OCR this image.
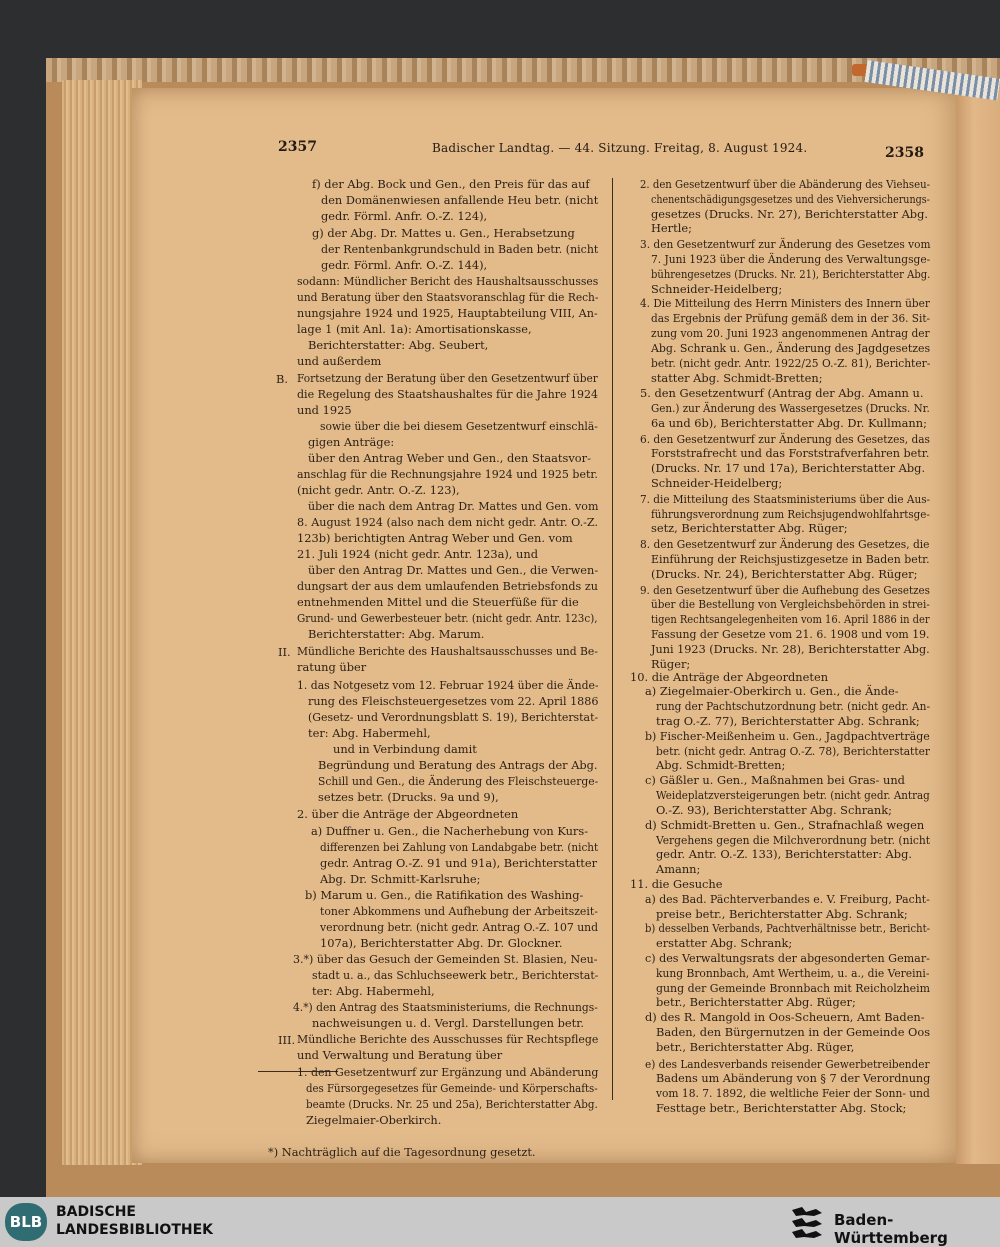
2357	Badischer Landtag. — 44. Sitzung. Freitag, 8. August 1924.	2358
f) der Abg. Bock und Gen., den Preis für das auf
den Domänenwiesen anfallende Heu betr. (nicht
gedr. Förml. Anfr. O.-Z. 124),
g) der Abg. Dr. Mattes u. Gen., Herabsetzung
der Rentenbankgrundschuld in Baden betr. (nicht
gedr. Förml. Anfr. O.-Z. 144),
sodann: Mündlicher Bericht des Haushaltsausschusses
und Beratung über den Staatsvoranschlag für die Rech-
nungsjahre 1924 und 1925, Hauptabteilung VIII, An-
lage 1 (mit Anl. 1a): Amortisationskasse,
Berichterstatter: Abg. Seubert,
und außerdem
B. Fortsetzung der Beratung über den Gesetzentwurf über
die Regelung des Staatshaushaltes für die Jahre 1924
und 1925
sowie über die bei diesem Gesetzentwurf einschlä-
gigen Anträge:
über den Antrag Weber und Gen., den Staatsvor-
anschlag für die Rechnungsjahre 1924 und 1925 betr.
(nicht gedr. Antr. O.-Z. 123),
über die nach dem Antrag Dr. Mattes und Gen. vom
8. August 1924 (also nach dem nicht gedr. Antr. O.-Z.
123b) berichtigten Antrag Weber und Gen. vom
21. Juli 1924 (nicht gedr. Antr. 123a), und
über den Antrag Dr. Mattes und Gen., die Verwen-
dungsart der aus dem umlaufenden Betriebsfonds zu
entnehmenden Mittel und die Steuerfüße für die
Grund- und Gewerbesteuer betr. (nicht gedr. Antr. 123c),
Berichterstatter: Abg. Marum.
II. Mündliche Berichte des Haushaltsausschusses und Be-
ratung über
1. das Notgesetz vom 12. Februar 1924 über die Ände-
rung des Fleischsteuergesetzes vom 22. April 1886
(Gesetz- und Verordnungsblatt S. 19), Berichterstat-
ter: Abg. Habermehl,
und in Verbindung damit
Begründung und Beratung des Antrags der Abg.
Schill und Gen., die Änderung des Fleischsteuerge-
setzes betr. (Drucks. 9a und 9),
2. über die Anträge der Abgeordneten
a) Duffner u. Gen., die Nacherhebung von Kurs-
differenzen bei Zahlung von Landabgabe betr. (nicht
gedr. Antrag O.-Z. 91 und 91a), Berichterstatter
Abg. Dr. Schmitt-Karlsruhe;
b) Marum u. Gen., die Ratifikation des Washing-
toner Abkommens und Aufhebung der Arbeitszeit-
verordnung betr. (nicht gedr. Antrag O.-Z. 107 und
107a), Berichterstatter Abg. Dr. Glockner.
3.*) über das Gesuch der Gemeinden St. Blasien, Neu-
stadt u. a., das Schluchseewerk betr., Berichterstat-
ter: Abg. Habermehl,
4.*) den Antrag des Staatsministeriums, die Rechnungs-
nachweisungen u. d. Vergl. Darstellungen betr.
III. Mündliche Berichte des Ausschusses für Rechtspflege
und Verwaltung und Beratung über
1. den Gesetzentwurf zur Ergänzung und Abänderung
des Fürsorgegesetzes für Gemeinde- und Körperschafts-
beamte (Drucks. Nr. 25 und 25a), Berichterstatter Abg.
Ziegelmaier-Oberkirch.
*) Nachträglich auf die Tagesordnung gesetzt.
2. den Gesetzentwurf über die Abänderung des Viehseu-
chenentschädigungsgesetzes und des Viehversicherungs-
gesetzes (Drucks. Nr. 27), Berichterstatter Abg.
Hertle;
3. den Gesetzentwurf zur Änderung des Gesetzes vom
7. Juni 1923 über die Änderung des Verwaltungsge-
bührengesetzes (Drucks. Nr. 21), Berichterstatter Abg.
Schneider-Heidelberg;
4. Die Mitteilung des Herrn Ministers des Innern über
das Ergebnis der Prüfung gemäß dem in der 36. Sit-
zung vom 20. Juni 1923 angenommenen Antrag der
Abg. Schrank u. Gen., Änderung des Jagdgesetzes
betr. (nicht gedr. Antr. 1922/25 O.-Z. 81), Berichter-
statter Abg. Schmidt-Bretten;
5. den Gesetzentwurf (Antrag der Abg. Amann u.
Gen.) zur Änderung des Wassergesetzes (Drucks. Nr.
6a und 6b), Berichterstatter Abg. Dr. Kullmann;
6. den Gesetzentwurf zur Änderung des Gesetzes, das
Forststrafrecht und das Forststrafverfahren betr.
(Drucks. Nr. 17 und 17a), Berichterstatter Abg.
Schneider-Heidelberg;
7. die Mitteilung des Staatsministeriums über die Aus-
führungsverordnung zum Reichsjugendwohlfahrtsge-
setz, Berichterstatter Abg. Rüger;
8. den Gesetzentwurf zur Änderung des Gesetzes, die
Einführung der Reichsjustizgesetze in Baden betr.
(Drucks. Nr. 24), Berichterstatter Abg. Rüger;
9. den Gesetzentwurf über die Aufhebung des Gesetzes
über die Bestellung von Vergleichsbehörden in strei-
tigen Rechtsangelegenheiten vom 16. April 1886 in der
Fassung der Gesetze vom 21. 6. 1908 und vom 19.
Juni 1923 (Drucks. Nr. 28), Berichterstatter Abg.
Rüger;
10. die Anträge der Abgeordneten
a) Ziegelmaier-Oberkirch u. Gen., die Ände-
rung der Pachtschutzordnung betr. (nicht gedr. An-
trag O.-Z. 77), Berichterstatter Abg. Schrank;
b) Fischer-Meißenheim u. Gen., Jagdpachtverträge
betr. (nicht gedr. Antrag O.-Z. 78), Berichterstatter
Abg. Schmidt-Bretten;
c) Gäßler u. Gen., Maßnahmen bei Gras- und
Weideplatzversteigerungen betr. (nicht gedr. Antrag
O.-Z. 93), Berichterstatter Abg. Schrank;
d) Schmidt-Bretten u. Gen., Strafnachlaß wegen
Vergehens gegen die Milchverordnung betr. (nicht
gedr. Antr. O.-Z. 133), Berichterstatter: Abg.
Amann;
11. die Gesuche
a) des Bad. Pächterverbandes e. V. Freiburg, Pacht-
preise betr., Berichterstatter Abg. Schrank;
b) desselben Verbands, Pachtverhältnisse betr., Bericht-
erstatter Abg. Schrank;
c) des Verwaltungsrats der abgesonderten Gemar-
kung Bronnbach, Amt Wertheim, u. a., die Vereini-
gung der Gemeinde Bronnbach mit Reicholzheim
betr., Berichterstatter Abg. Rüger;
d) des R. Mangold in Oos-Scheuern, Amt Baden-
Baden, den Bürgernutzen in der Gemeinde Oos
betr., Berichterstatter Abg. Rüger,
e) des Landesverbands reisender Gewerbetreibender
Badens um Abänderung von § 7 der Verordnung
vom 18. 7. 1892, die weltliche Feier der Sonn- und
Festtage betr., Berichterstatter Abg. Stock;
BLB
BADISCHE
LANDESBIBLIOTHEK
Baden-Württemberg
